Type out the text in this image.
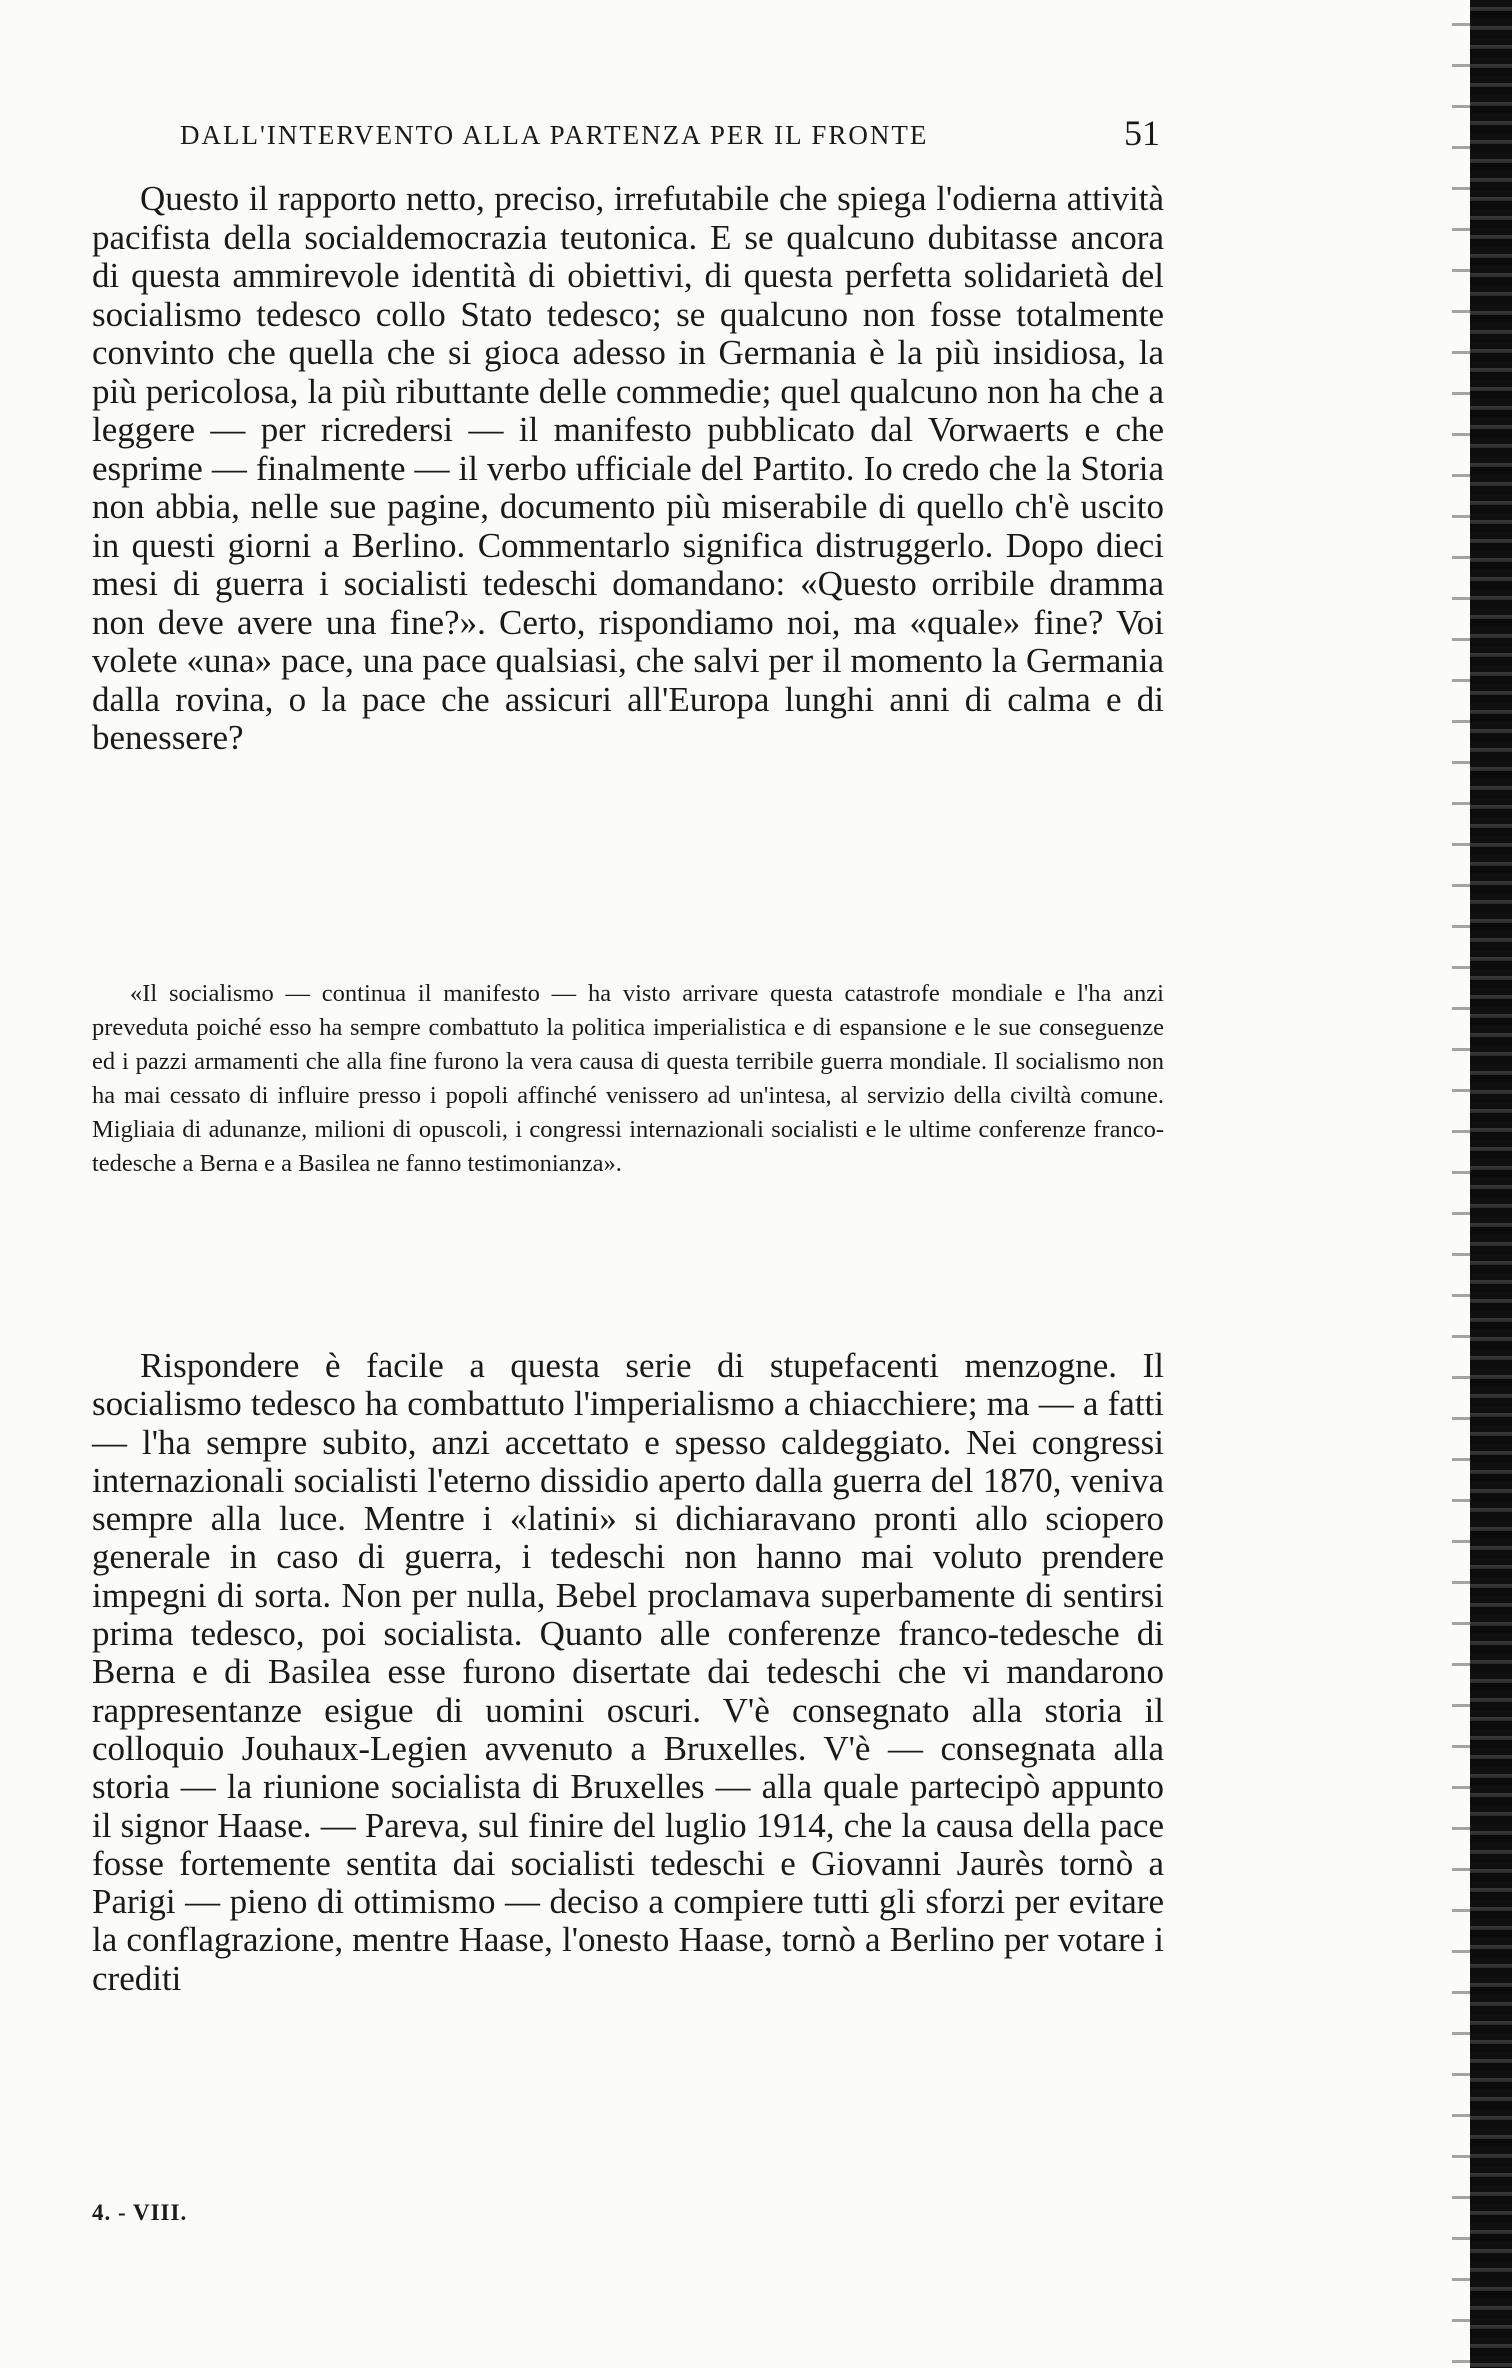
DALL'INTERVENTO ALLA PARTENZA PER IL FRONTE	51

Questo il rapporto netto, preciso, irrefutabile che spiega l'odierna attività pacifista della socialdemocrazia teutonica. E se qualcuno dubitasse ancora di questa ammirevole identità di obiettivi, di questa perfetta solidarietà del socialismo tedesco collo Stato tedesco; se qualcuno non fosse totalmente convinto che quella che si gioca adesso in Germania è la più insidiosa, la più pericolosa, la più ributtante delle commedie; quel qualcuno non ha che a leggere — per ricredersi — il manifesto pubblicato dal Vorwaerts e che esprime — finalmente — il verbo ufficiale del Partito. Io credo che la Storia non abbia, nelle sue pagine, documento più miserabile di quello ch'è uscito in questi giorni a Berlino. Commentarlo significa distruggerlo. Dopo dieci mesi di guerra i socialisti tedeschi domandano: «Questo orribile dramma non deve avere una fine?». Certo, rispondiamo noi, ma «quale» fine? Voi volete «una» pace, una pace qualsiasi, che salvi per il momento la Germania dalla rovina, o la pace che assicuri all'Europa lunghi anni di calma e di benessere?

«Il socialismo — continua il manifesto — ha visto arrivare questa catastrofe mondiale e l'ha anzi preveduta poiché esso ha sempre combattuto la politica imperialistica e di espansione e le sue conseguenze ed i pazzi armamenti che alla fine furono la vera causa di questa terribile guerra mondiale. Il socialismo non ha mai cessato di influire presso i popoli affinché venissero ad un'intesa, al servizio della civiltà comune. Migliaia di adunanze, milioni di opuscoli, i congressi internazionali socialisti e le ultime conferenze franco-tedesche a Berna e a Basilea ne fanno testimonianza».

Rispondere è facile a questa serie di stupefacenti menzogne. Il socialismo tedesco ha combattuto l'imperialismo a chiacchiere; ma — a fatti — l'ha sempre subito, anzi accettato e spesso caldeggiato. Nei congressi internazionali socialisti l'eterno dissidio aperto dalla guerra del 1870, veniva sempre alla luce. Mentre i «latini» si dichiaravano pronti allo sciopero generale in caso di guerra, i tedeschi non hanno mai voluto prendere impegni di sorta. Non per nulla, Bebel proclamava superbamente di sentirsi prima tedesco, poi socialista. Quanto alle conferenze franco-tedesche di Berna e di Basilea esse furono disertate dai tedeschi che vi mandarono rappresentanze esigue di uomini oscuri. V'è consegnato alla storia il colloquio Jouhaux-Legien avvenuto a Bruxelles. V'è — consegnata alla storia — la riunione socialista di Bruxelles — alla quale partecipò appunto il signor Haase. — Pareva, sul finire del luglio 1914, che la causa della pace fosse fortemente sentita dai socialisti tedeschi e Giovanni Jaurès tornò a Parigi — pieno di ottimismo — deciso a compiere tutti gli sforzi per evitare la conflagrazione, mentre Haase, l'onesto Haase, tornò a Berlino per votare i crediti

4. - VIII.
